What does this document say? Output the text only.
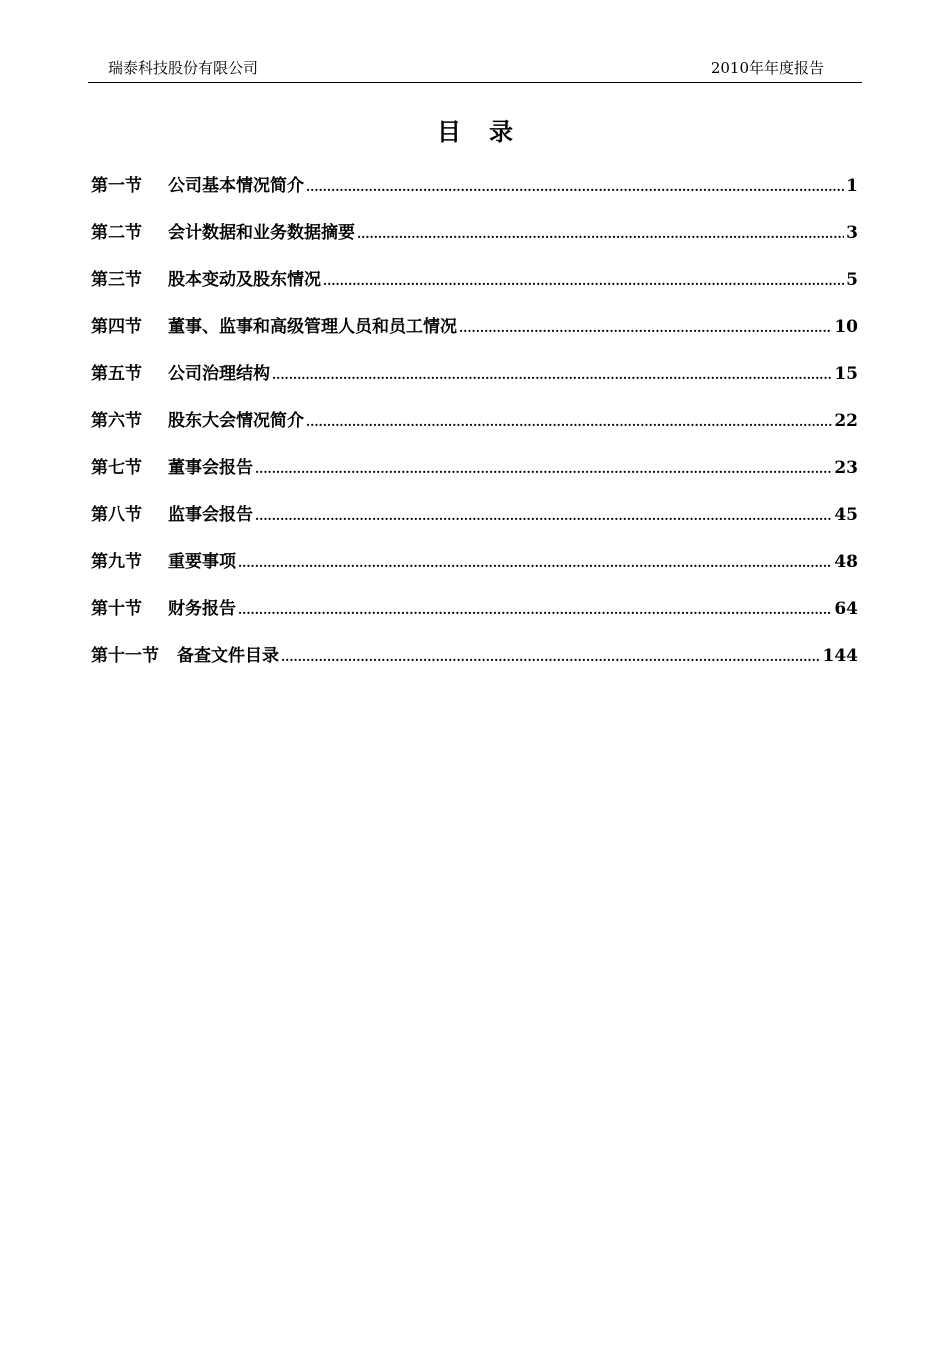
瑞泰科技股份有限公司	2010年年度报告
目录
第一节	公司基本情况简介 .....	1
第二节	会计数据和业务数据摘要 .....	3
第三节	股本变动及股东情况 .....	5
第四节	董事、监事和高级管理人员和员工情况 .....	10
第五节	公司治理结构 .....	15
第六节	股东大会情况简介 .....	22
第七节	董事会报告 .....	23
第八节	监事会报告 .....	45
第九节	重要事项 .....	48
第十节	财务报告 .....	64
第十一节	备查文件目录 .....	144
